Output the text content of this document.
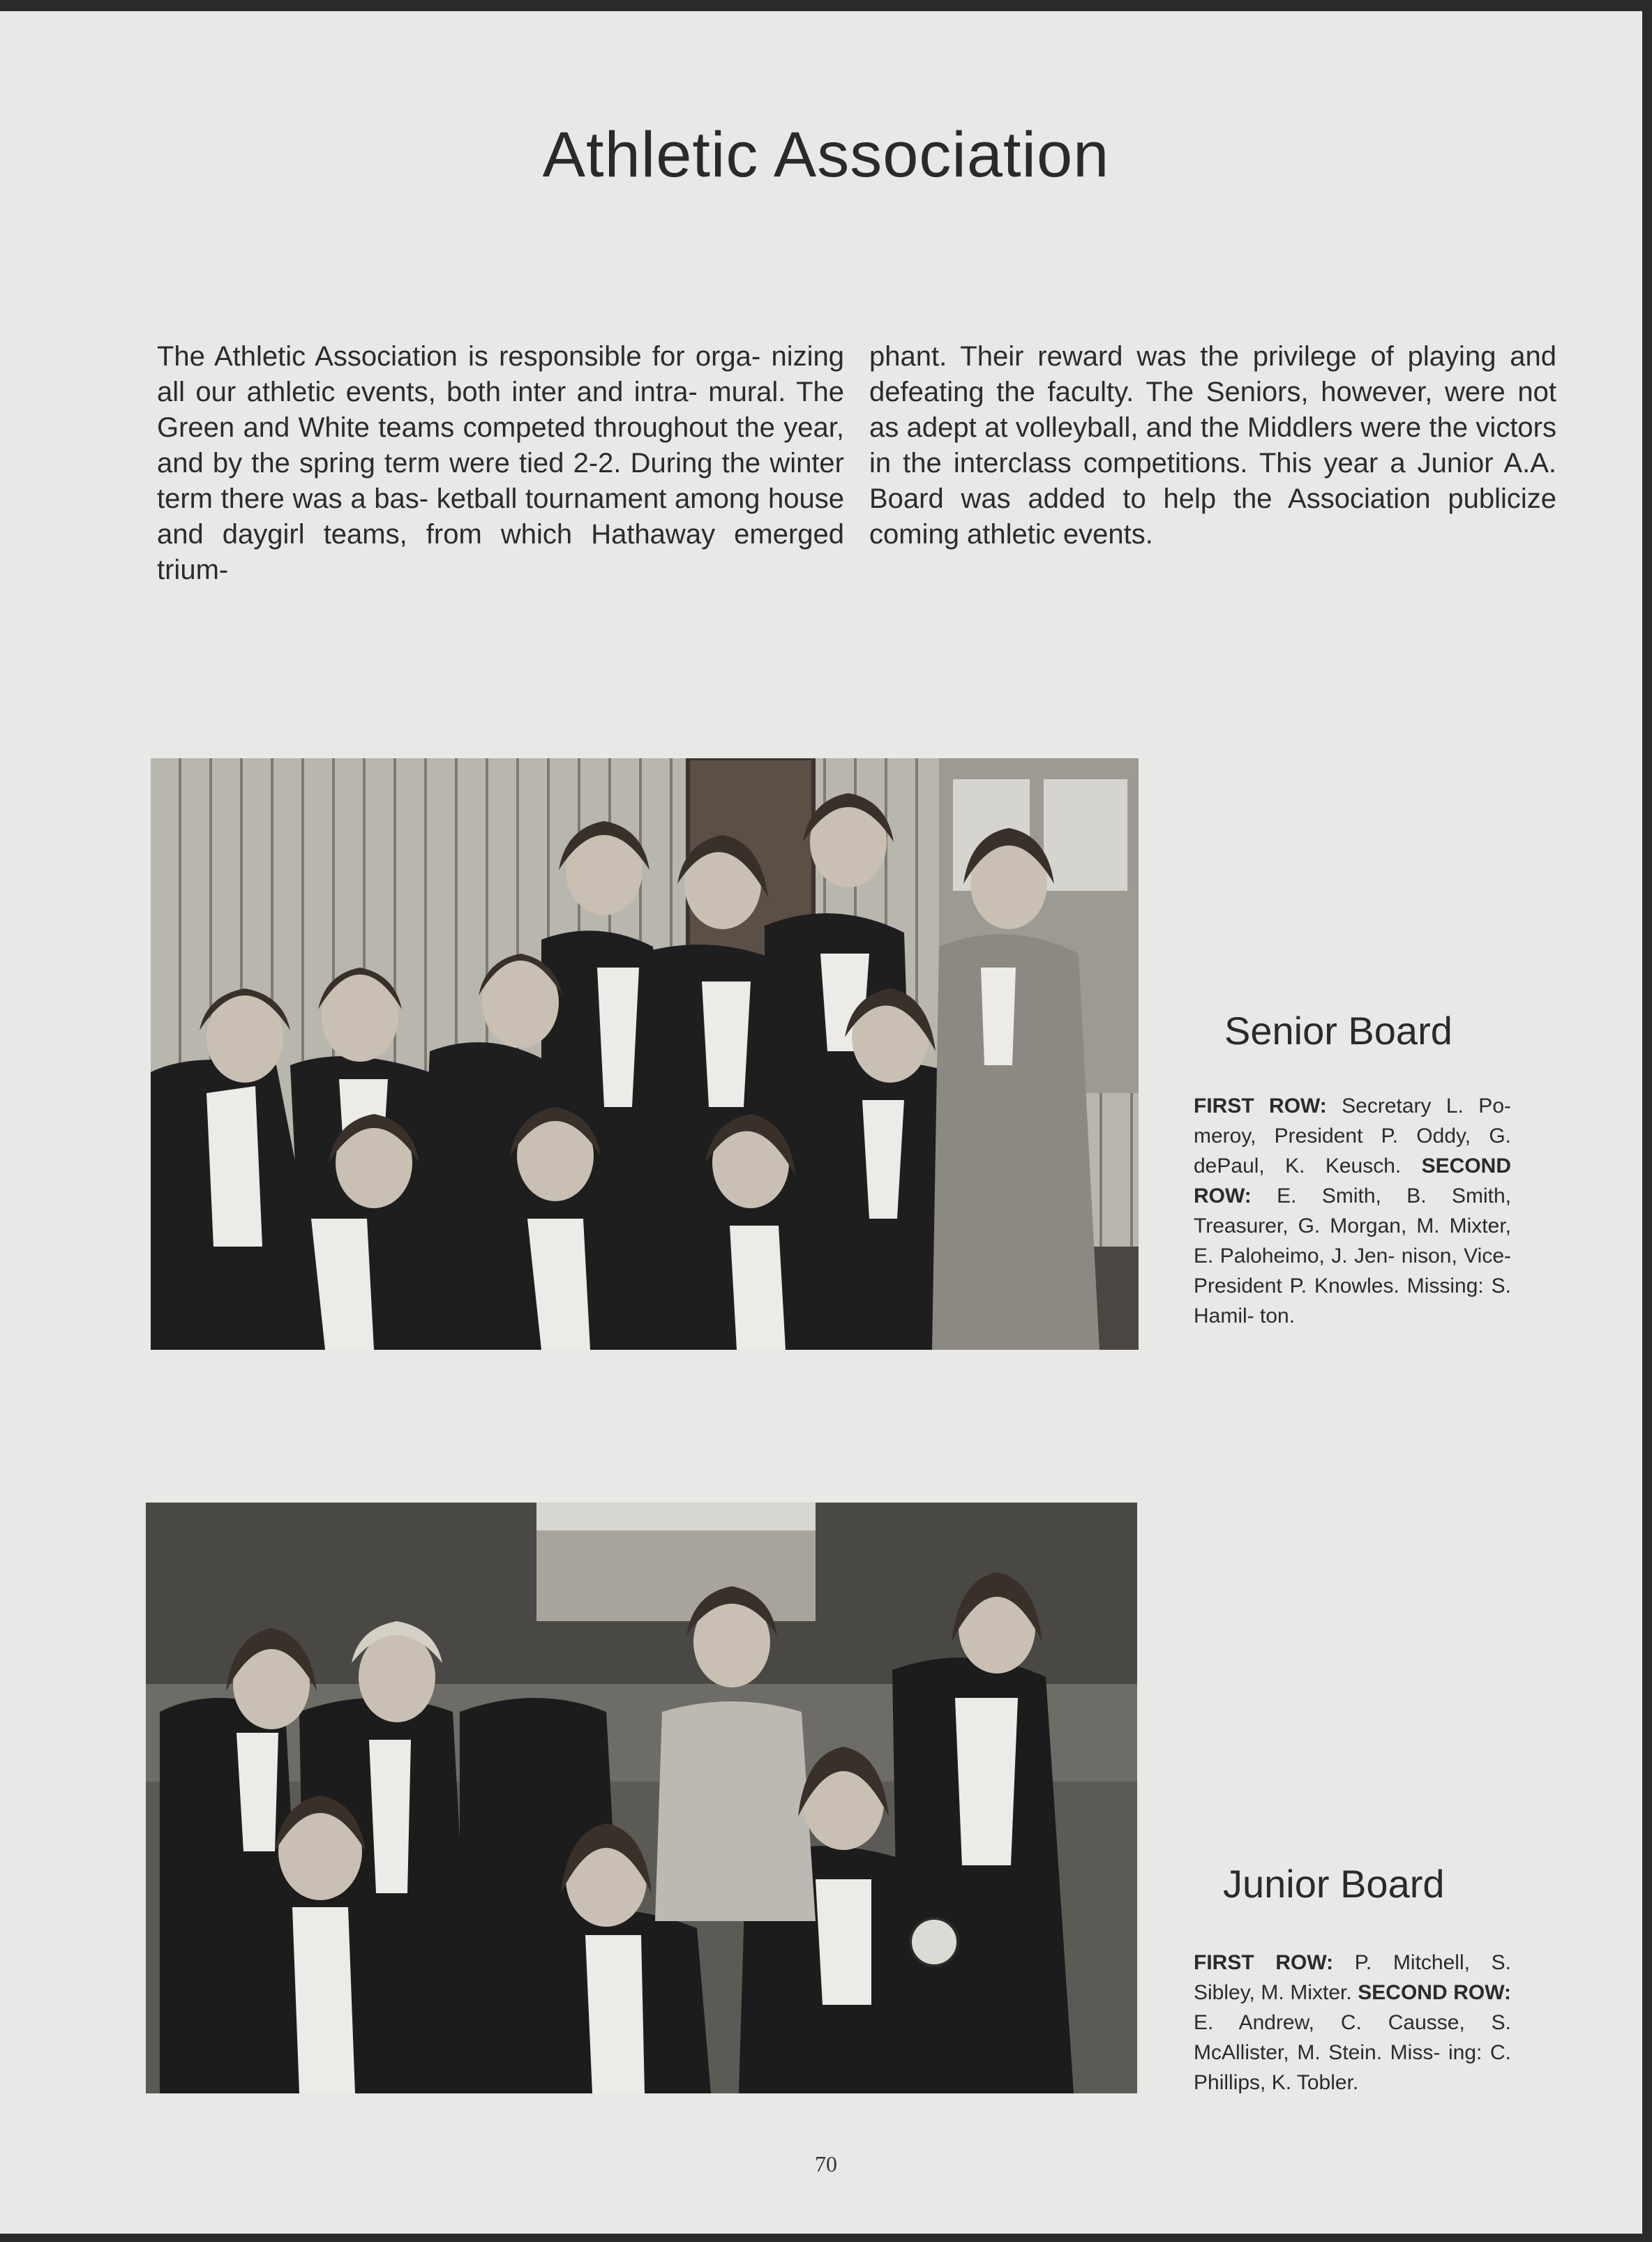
Athletic Association

The Athletic Association is responsible for orga- nizing all our athletic events, both inter and intra- mural. The Green and White teams competed throughout the year, and by the spring term were tied 2-2. During the winter term there was a bas- ketball tournament among house and daygirl teams, from which Hathaway emerged trium-

phant. Their reward was the privilege of playing and defeating the faculty. The Seniors, however, were not as adept at volleyball, and the Middlers were the victors in the interclass competitions. This year a Junior A.A. Board was added to help the Association publicize coming athletic events.

Senior Board

FIRST ROW: Secretary L. Po- meroy, President P. Oddy, G. dePaul, K. Keusch. SECOND ROW: E. Smith, B. Smith, Treasurer, G. Morgan, M. Mixter, E. Paloheimo, J. Jen- nison, Vice-President P. Knowles. Missing: S. Hamil- ton.

Junior Board

FIRST ROW: P. Mitchell, S. Sibley, M. Mixter. SECOND ROW: E. Andrew, C. Causse, S. McAllister, M. Stein. Miss- ing: C. Phillips, K. Tobler.

70
